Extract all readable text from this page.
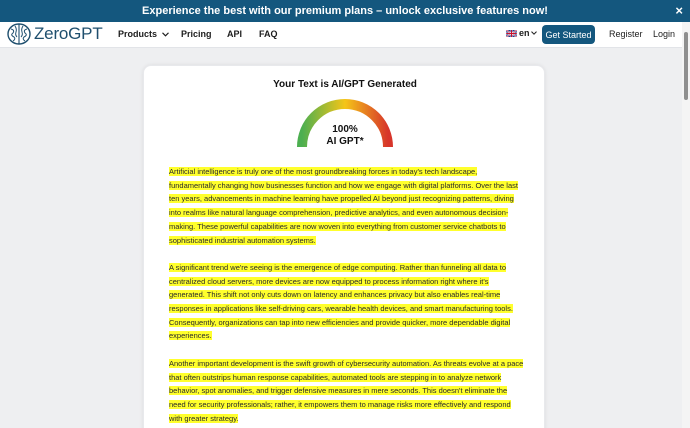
Experience the best with our premium plans – unlock exclusive features now!	×
ZeroGPT Products	Pricing API FAQ	en	Get Started	Register Login
Your Text is AI/GPT Generated
100%
AI GPT*

Artificial intelligence is truly one of the most groundbreaking forces in today's tech landscape, fundamentally changing how businesses function and how we engage with digital platforms. Over the last ten years, advancements in machine learning have propelled AI beyond just recognizing patterns, diving into realms like natural language comprehension, predictive analytics, and even autonomous decision-making. These powerful capabilities are now woven into everything from customer service chatbots to sophisticated industrial automation systems.

A significant trend we're seeing is the emergence of edge computing. Rather than funneling all data to centralized cloud servers, more devices are now equipped to process information right where it's generated. This shift not only cuts down on latency and enhances privacy but also enables real-time responses in applications like self-driving cars, wearable health devices, and smart manufacturing tools. Consequently, organizations can tap into new efficiencies and provide quicker, more dependable digital experiences.

Another important development is the swift growth of cybersecurity automation. As threats evolve at a pace that often outstrips human response capabilities, automated tools are stepping in to analyze network behavior, spot anomalies, and trigger defensive measures in mere seconds. This doesn't eliminate the need for security professionals; rather, it empowers them to manage risks more effectively and respond with greater strategy.
